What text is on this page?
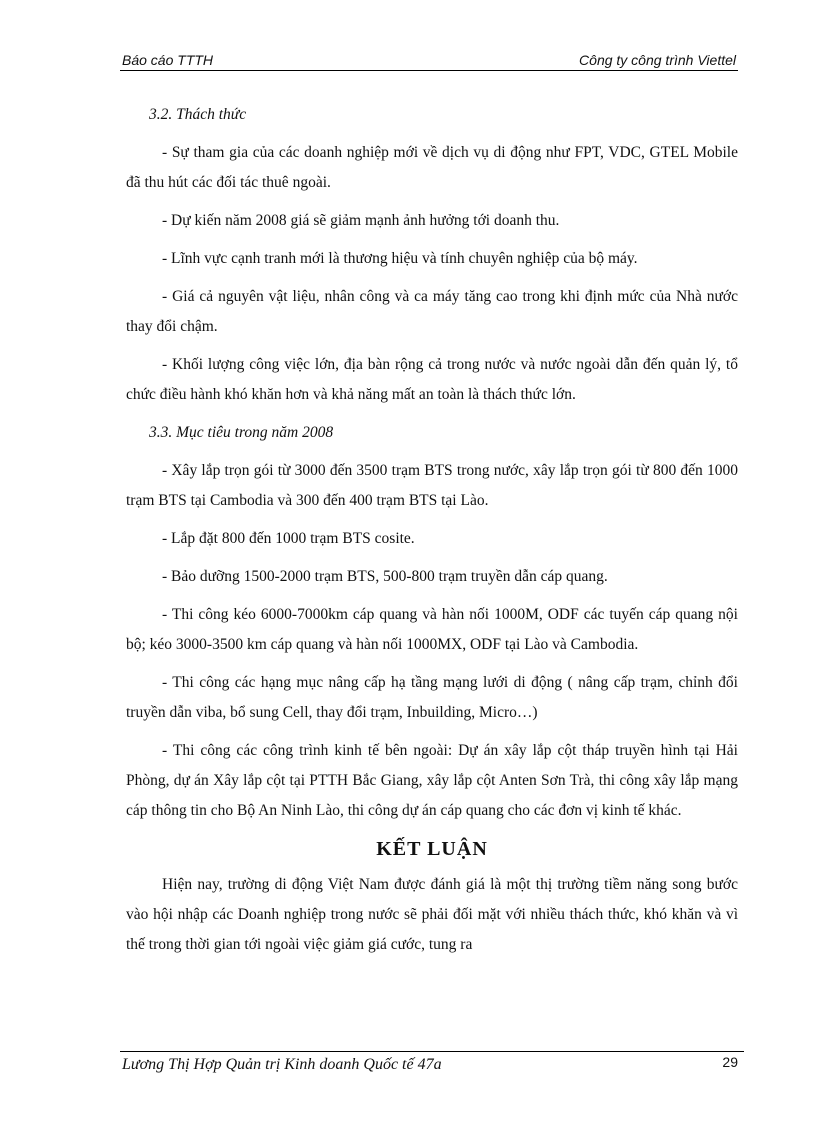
Báo cáo TTTH	Công ty công trình Viettel

3.2. Thách thức

- Sự tham gia của các doanh nghiệp mới về dịch vụ di động như FPT, VDC, GTEL Mobile đã thu hút các đối tác thuê ngoài.

- Dự kiến năm 2008 giá sẽ giảm mạnh ảnh hưởng tới doanh thu.

- Lĩnh vực cạnh tranh mới là thương hiệu và tính chuyên nghiệp của bộ máy.

- Giá cả nguyên vật liệu, nhân công và ca máy tăng cao trong khi định mức của Nhà nước thay đổi chậm.

- Khối lượng công việc lớn, địa bàn rộng cả trong nước và nước ngoài dẫn đến quản lý, tổ chức điều hành khó khăn hơn và khả năng mất an toàn là thách thức lớn.

3.3. Mục tiêu trong năm 2008

- Xây lắp trọn gói từ 3000 đến 3500 trạm BTS trong nước, xây lắp trọn gói từ 800 đến 1000 trạm BTS tại Cambodia và 300 đến 400 trạm BTS tại Lào.

- Lắp đặt 800 đến 1000 trạm BTS cosite.

- Bảo dưỡng 1500-2000 trạm BTS, 500-800 trạm truyền dẫn cáp quang.

- Thi công kéo 6000-7000km cáp quang và hàn nối 1000M, ODF các tuyến cáp quang nội bộ; kéo 3000-3500 km cáp quang và hàn nối 1000MX, ODF tại Lào và Cambodia.

- Thi công các hạng mục nâng cấp hạ tầng mạng lưới di động ( nâng cấp trạm, chỉnh đổi truyền dẫn viba, bổ sung Cell, thay đổi trạm, Inbuilding, Micro…)

- Thi công các công trình kinh tế bên ngoài: Dự án xây lắp cột tháp truyền hình tại Hải Phòng, dự án Xây lắp cột tại PTTH Bắc Giang, xây lắp cột Anten Sơn Trà, thi công xây lắp mạng cáp thông tin cho Bộ An Ninh Lào, thi công dự án cáp quang cho các đơn vị kinh tế khác.

KẾT LUẬN

Hiện nay, trường di động Việt Nam được đánh giá là một thị trường tiềm năng song bước vào hội nhập các Doanh nghiệp trong nước sẽ phải đối mặt với nhiều thách thức, khó khăn và vì thế trong thời gian tới ngoài việc giảm giá cước, tung ra

Lương Thị Hợp Quản trị Kinh doanh Quốc tế 47a	29
